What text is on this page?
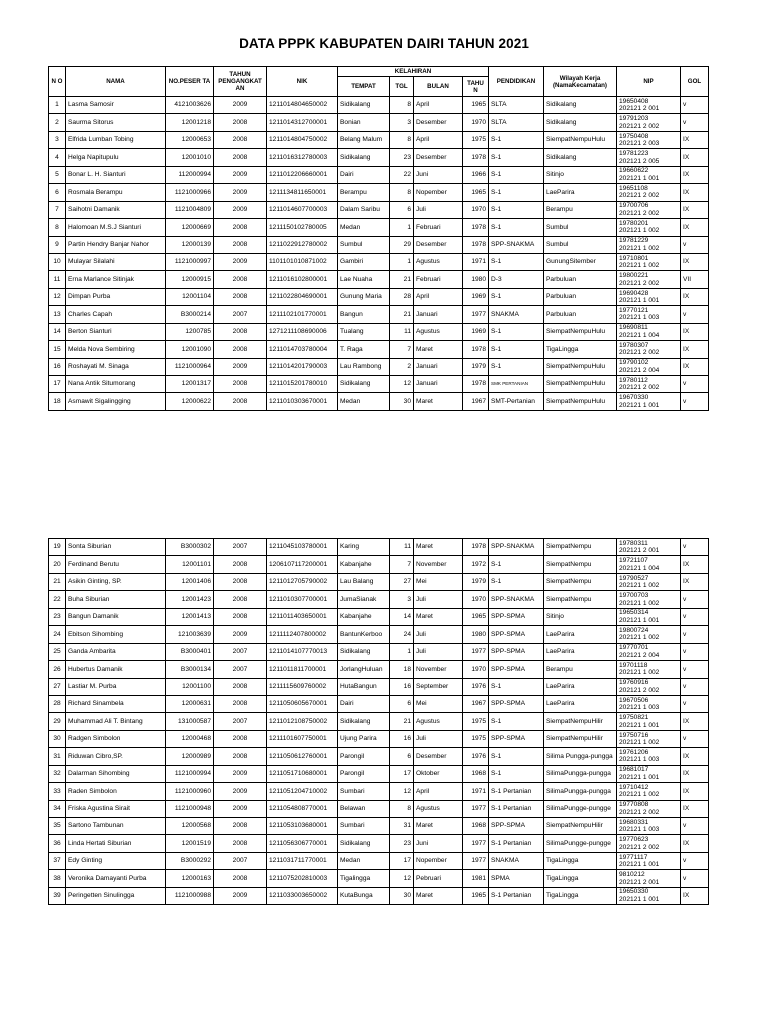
DATA PPPK KABUPATEN DAIRI TAHUN 2021
N O	NAMA	NO.PESER TA	TAHUN PENGANGKAT AN	NIK	KELAHIRAN				PENDIDIKAN	Wilayah Kerja (NamaKecamatan)	NIP	GOL
					TEMPAT	TGL	BULAN	TAHU N				
1	Lasma Samosir	4121003626	2009	1211014804650002	Sidikalang	8	April	1965	SLTA	Sidikalang	19650408
202121 2 001	v
2	Saurma Sitorus	12001218	2008	1211014312700001	Bonian	3	Desember	1970	SLTA	Sidikalang	19791203
202121 2 002	v
3	Elfrida Lumban Tobing	12000653	2008	1211014804750002	Belang Malum	8	April	1975	S-1	SiempatNempuHulu	19750408
202121 2 003	IX
4	Helga Napitupulu	12001010	2008	1211016312780003	Sidikalang	23	Desember	1978	S-1	Sidikalang	19781223
202121 2 005	IX
5	Bonar L. H. Sianturi	112000994	2009	1211012206660001	Dairi	22	Juni	1966	S-1	Sitinjo	19660622
202121 1 001	IX
6	Rosmala Berampu	1121000966	2009	1211134811650001	Berampu	8	Nopember	1965	S-1	LaeParira	19651108
202121 2 002	IX
7	Saihotni Damanik	1121004809	2009	1211014607700003	Dalam Saribu	6	Juli	1970	S-1	Berampu	19700706
202121 2 002	IX
8	Halomoan M.S.J Sianturi	12000669	2008	1211150102780005	Medan	1	Februari	1978	S-1	Sumbul	19780201
202121 1 002	IX
9	Partin Hendry Banjar Nahor	12000139	2008	1211022912780002	Sumbul	29	Desember	1978	SPP-SNAKMA	Sumbul	19781229
202121 1 002	v
10	Mulayar Silalahi	1121000997	2009	1101101010871002	Gambiri	1	Agustus	1971	S-1	GunungSitember	19710801
202121 1 002	IX
11	Erna Marlance Sitinjak	12000915	2008	1211016102800001	Lae Nuaha	21	Februari	1980	D-3	Parbuluan	19800221
202121 2 002	VII
12	Dimpan Purba	12001104	2008	1211022804690001	Gunung Maria	28	April	1969	S-1	Parbuluan	19690428
202121 1 001	IX
13	Charles Capah	B3000214	2007	1211102101770001	Bangun	21	Januari	1977	SNAKMA	Parbuluan	19770121
202121 1 003	v
14	Berton Sianturi	1200785	2008	1271211108690006	Tualang	11	Agustus	1969	S-1	SiempatNempuHulu	19690811
202121 1 004	IX
15	Melda Nova Sembiring	12001090	2008	1211014703780004	T. Raga	7	Maret	1978	S-1	TigaLingga	19780307
202121 2 002	IX
16	Roshayati M. Sinaga	1121000964	2009	1211014201790003	Lau Rambong	2	Januari	1979	S-1	SiempatNempuHulu	19790102
202121 2 004	IX
17	Nana Antik Situmorang	12001317	2008	1211015201780010	Sidikalang	12	Januari	1978	SMK PERTANIAN	SiempatNempuHulu	19780112
202121 2 002	v
18	Asmawit Sigalingging	12000622	2008	1211010303670001	Medan	30	Maret	1967	SMT-Pertanian	SiempatNempuHulu	19670330
202121 1 001	v
19	Sonta Siburian	B3000302	2007	1211045103780001	Karing	11	Maret	1978	SPP-SNAKMA	SiempatNempu	19780311
202121 2 001	v
20	Ferdinand Berutu	12001101	2008	1206107117200001	Kabanjahe	7	November	1972	S-1	SiempatNempu	19721107
202121 1 004	IX
21	Asikin Ginting, SP.	12001406	2008	1211012705790002	Lau Balang	27	Mei	1979	S-1	SiempatNempu	19790527
202121 1 002	IX
22	Buha Siburian	12001423	2008	1211010307700001	JumaSianak	3	Juli	1970	SPP-SNAKMA	SiempatNempu	19700703
202121 1 002	v
23	Bangun Damanik	12001413	2008	1211011403650001	Kabanjahe	14	Maret	1965	SPP-SPMA	Sitinjo	19650314
202121 1 001	v
24	Ebitson Sihombing	121003639	2009	1211112407800002	BantunKerboo	24	Juli	1980	SPP-SPMA	LaeParira	19800724
202121 1 002	v
25	Ganda Ambarita	B3000401	2007	1211014107770013	Sidikalang	1	Juli	1977	SPP-SPMA	LaeParira	19770701
202121 2 004	v
26	Hubertus Damanik	B3000134	2007	1211011811700001	JorlangHuluan	18	November	1970	SPP-SPMA	Berampu	19701118
202121 1 002	v
27	Lastiar M. Purba	12001100	2008	1211115609760002	HutaBangun	16	September	1976	S-1	LaeParira	19760916
202121 2 002	v
28	Richard Sinambela	12000631	2008	1211050605670001	Dairi	6	Mei	1967	SPP-SPMA	LaeParira	19670506
202121 1 003	v
29	Muhammad Ali T. Bintang	131000587	2007	1211012108750002	Sidikalang	21	Agustus	1975	S-1	SiempatNempuHilir	19750821
202121 1 001	IX
30	Radgen Simbolon	12000468	2008	1211101607750001	Ujung Parira	16	Juli	1975	SPP-SPMA	SiempatNempuHilir	19750716
202121 1 002	v
31	Riduwan Cibro,SP.	12000989	2008	1211050612760001	Parongil	6	Desember	1976	S-1	Silima Pungga-pungga	19761206
202121 1 003	IX
32	Dalarman Sihombing	1121000994	2009	1211051710680001	Parongil	17	Oktober	1968	S-1	SilimaPungga-pungga	19681017
202121 1 001	IX
33	Raden Simbolon	1121000960	2009	1211051204710002	Sumbari	12	April	1971	S-1 Pertanian	SilimaPungga-pungga	19710412
202121 1 002	IX
34	Friska Agustina Sirait	1121000948	2009	1211054808770001	Belawan	8	Agustus	1977	S-1 Pertanian	SilimaPungge-pungge	19770808
202121 2 002	IX
35	Sartono Tambunan	12000568	2008	1211053103680001	Sumbari	31	Maret	1968	SPP-SPMA	SiempatNempuHilir	19680331
202121 1 003	v
36	Linda Hertati Siburian	12001519	2008	1211056306770001	Sidikalang	23	Juni	1977	S-1 Pertanian	SilimaPungge-pungge	19770623
202121 2 002	IX
37	Edy Ginting	B3000292	2007	1211031711770001	Medan	17	Nopember	1977	SNAKMA	TigaLingga	19771117
202121 1 001	v
38	Veronika Damayanti Purba	12000163	2008	1211075202810003	Tigalingga	12	Pebruari	1981	SPMA	TigaLingga	9810212
202121 2 001	v
39	Peringetten Sinulingga	1121000988	2009	1211033003650002	KutaBunga	30	Maret	1965	S-1 Pertanian	TigaLingga	19650330
202121 1 001	IX
